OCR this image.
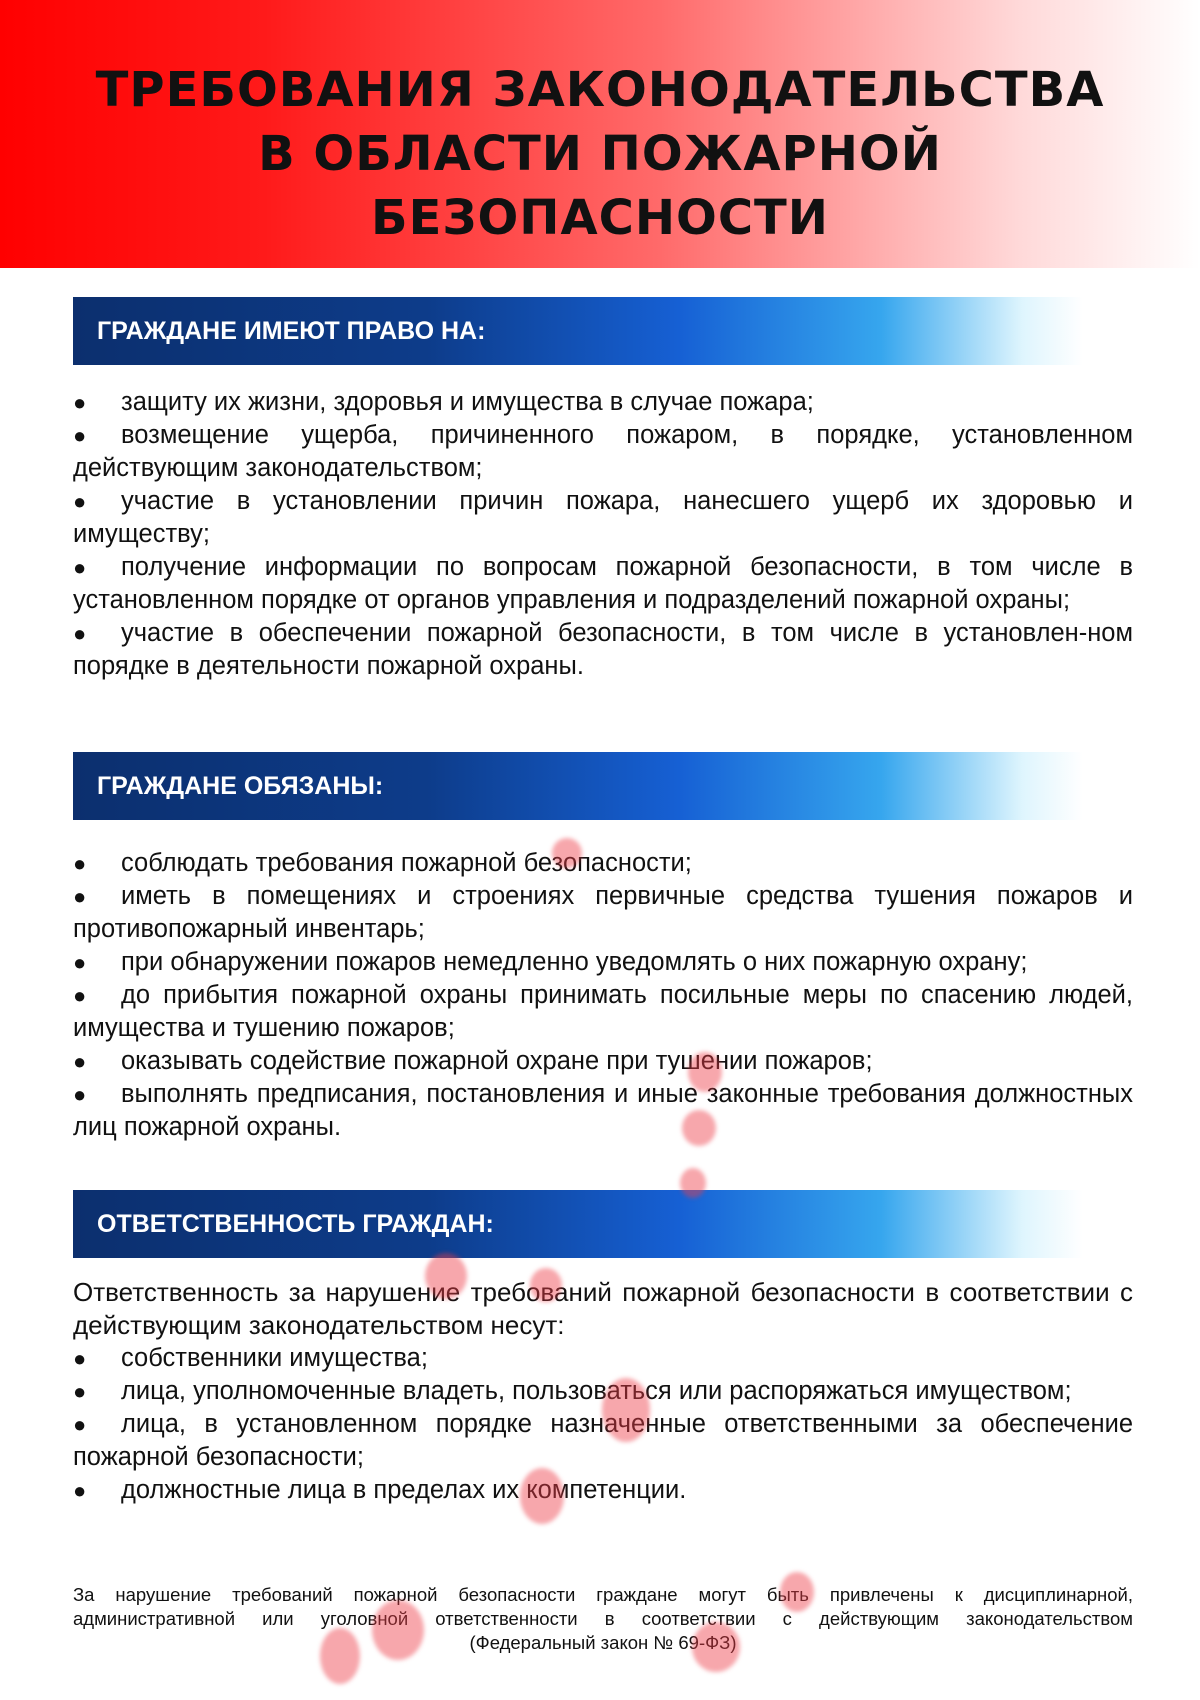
ТРЕБОВАНИЯ ЗАКОНОДАТЕЛЬСТВА
В ОБЛАСТИ ПОЖАРНОЙ
БЕЗОПАСНОСТИ
ГРАЖДАНЕ ИМЕЮТ ПРАВО НА:

● защиту их жизни, здоровья и имущества в случае пожара;

● возмещение ущерба, причиненного пожаром, в порядке, установленном действующим законодательством;

● участие в установлении причин пожара, нанесшего ущерб их здоровью и имуществу;

● получение информации по вопросам пожарной безопасности, в том числе в установленном порядке от органов управления и подразделений пожарной охраны;

● участие в обеспечении пожарной безопасности, в том числе в установлен-ном порядке в деятельности пожарной охраны.

ГРАЖДАНЕ ОБЯЗАНЫ:

● соблюдать требования пожарной безопасности;

● иметь в помещениях и строениях первичные средства тушения пожаров и противопожарный инвентарь;

● при обнаружении пожаров немедленно уведомлять о них пожарную охрану;

● до прибытия пожарной охраны принимать посильные меры по спасению людей, имущества и тушению пожаров;

● оказывать содействие пожарной охране при тушении пожаров;

● выполнять предписания, постановления и иные законные требования должностных лиц пожарной охраны.

ОТВЕТСТВЕННОСТЬ ГРАЖДАН:

Ответственность за нарушение требований пожарной безопасности в соответствии с действующим законодательством несут:

● собственники имущества;

● лица, уполномоченные владеть, пользоваться или распоряжаться имуществом;

● лица, в установленном порядке назначенные ответственными за обеспечение пожарной безопасности;

● должностные лица в пределах их компетенции.

За нарушение требований пожарной безопасности граждане могут быть привлечены к дисциплинарной,
административной или уголовной ответственности в соответствии с действующим законодательством
(Федеральный закон № 69-ФЗ)
